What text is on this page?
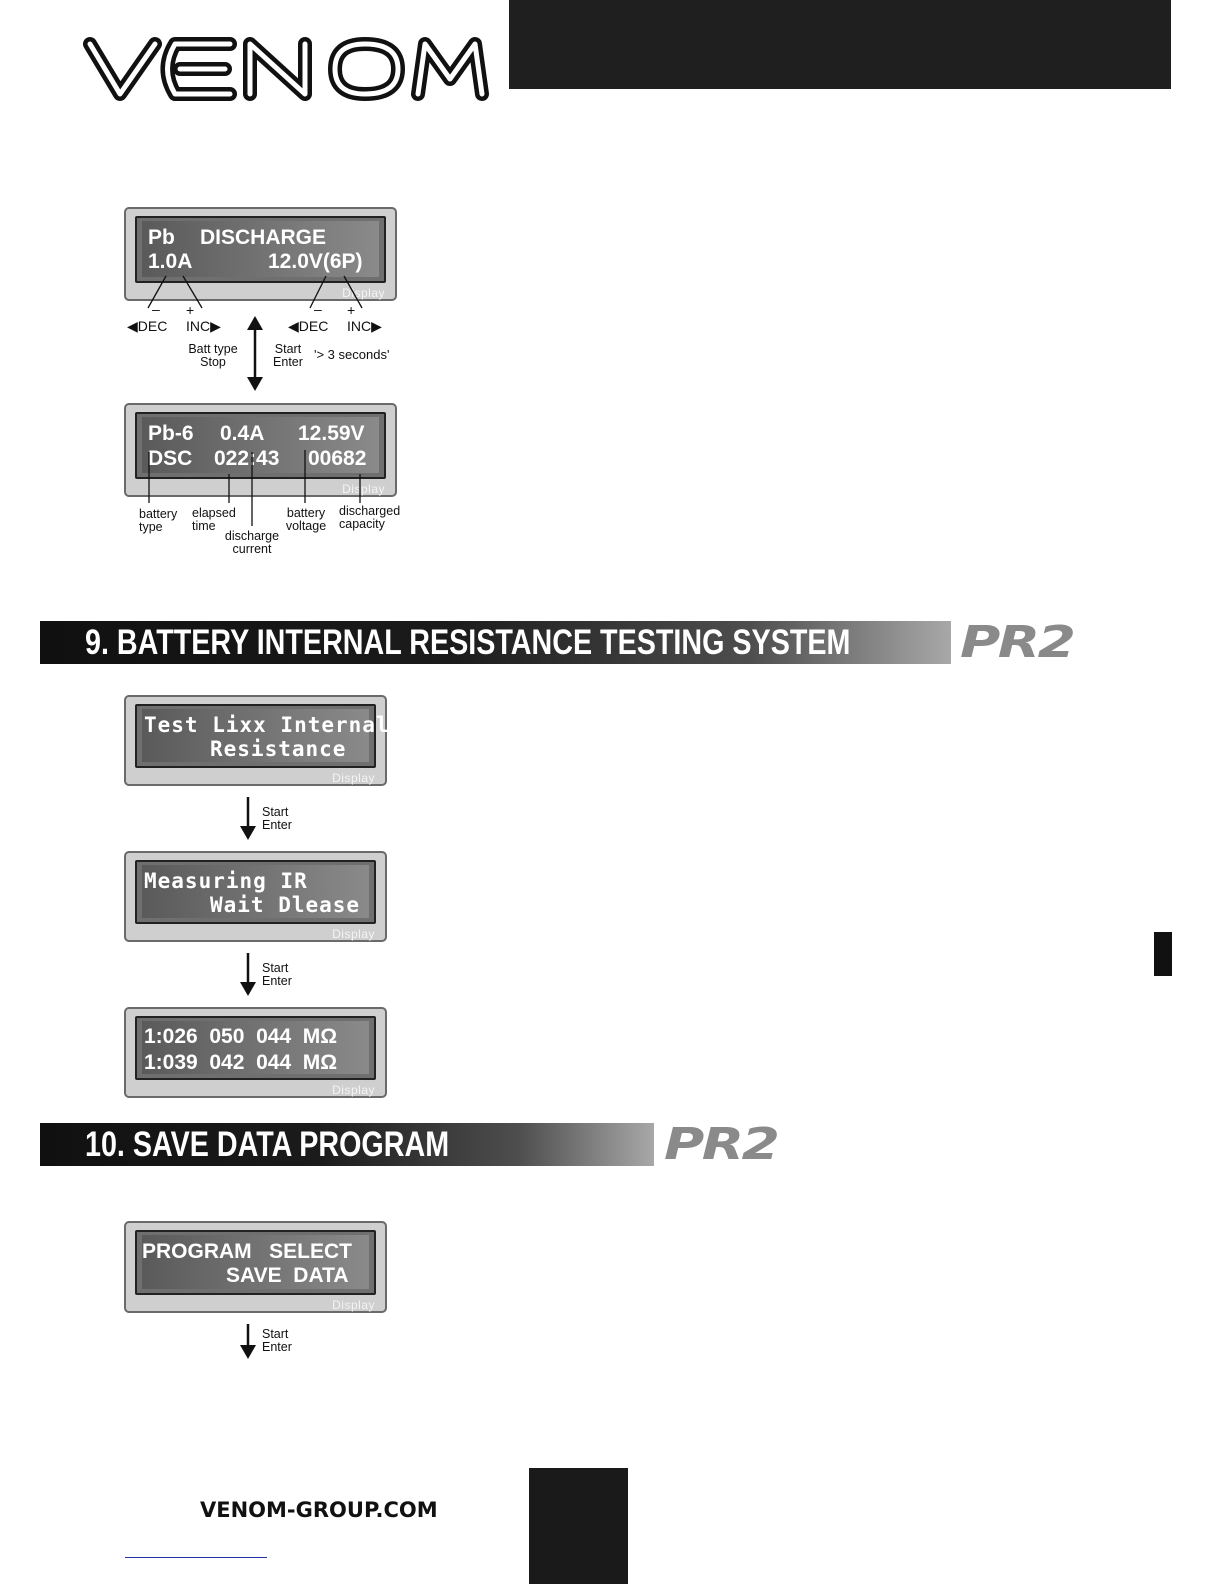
Pb DISCHARGE
1.0A	12.0V(6P)
Display
– +
◀DEC INC▶
– +
◀DEC INC▶
Batt type
Stop
Start
Enter '> 3 seconds'
Pb-6 0.4A 12.59V
DSC 022:43 00682
Display
battery
type
elapsed
time
discharge
current
battery
voltage
discharged
capacity
9. BATTERY INTERNAL RESISTANCE TESTING SYSTEM PR2
Test Lixx Internal
Resistance
Display
Start
Enter
Measuring IR
Wait Dlease
Display
Start
Enter
1:026  050  044  MΩ
1:039  042  044  MΩ
Display
10. SAVE DATA PROGRAM	PR2
PROGRAM   SELECT
SAVE  DATA
Display
Start
Enter
VENOM-GROUP.COM
